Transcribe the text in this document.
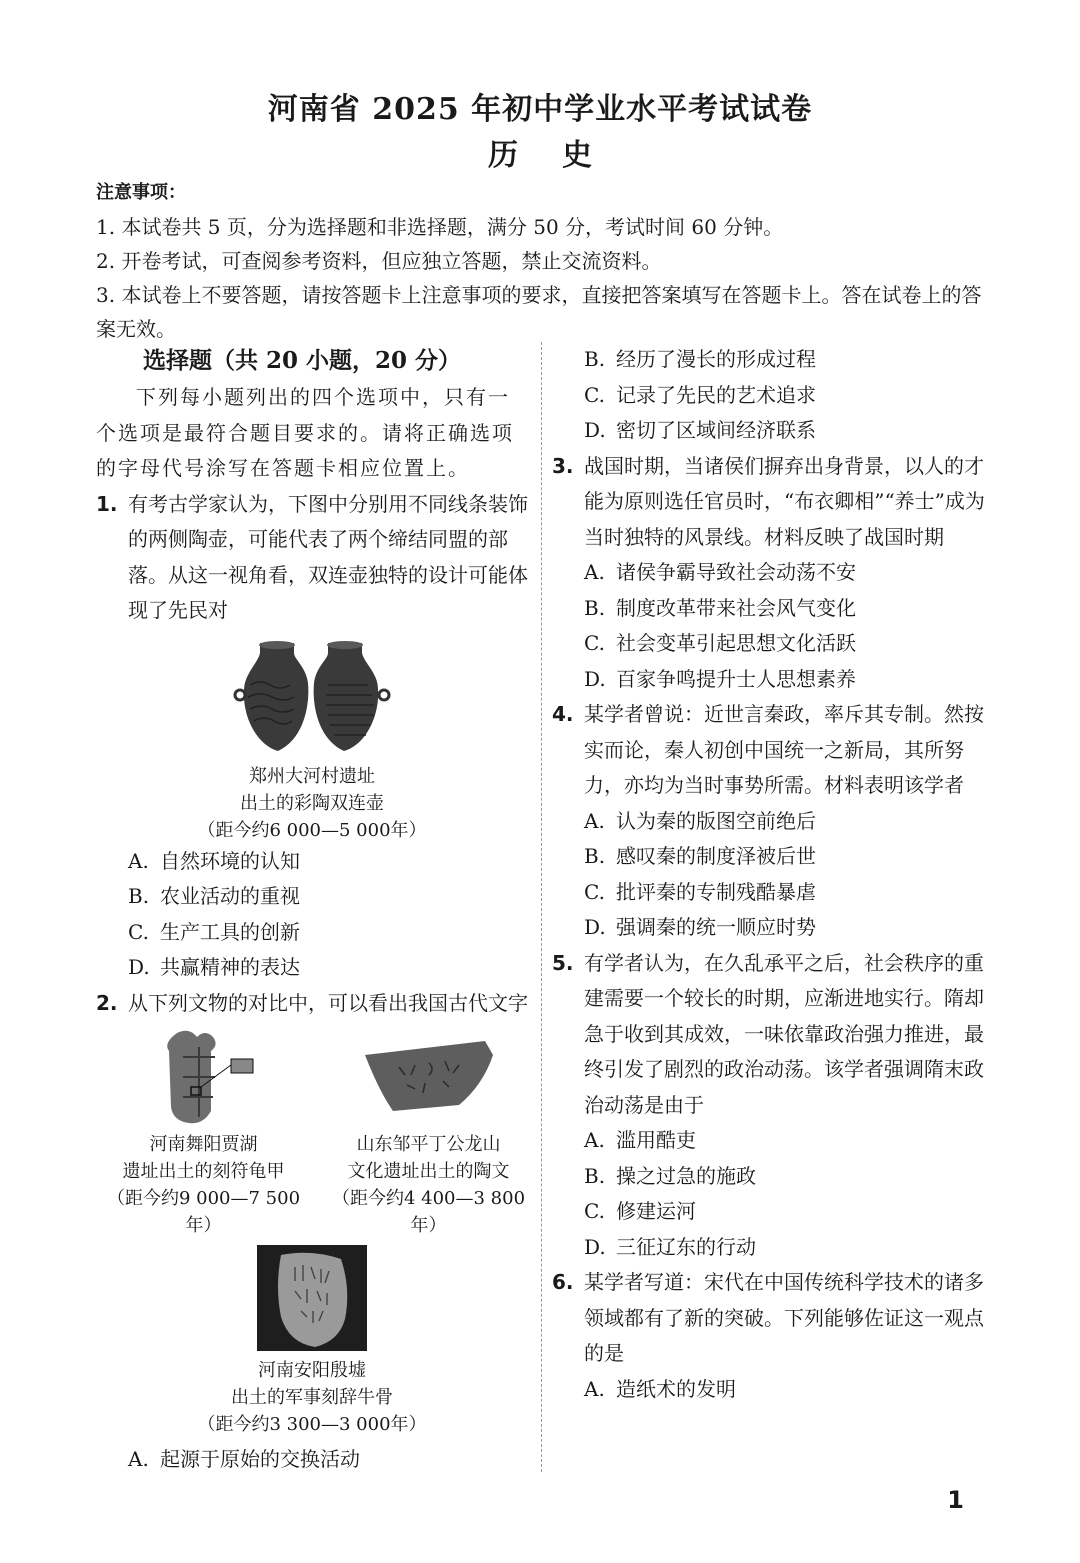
河南省 2025 年初中学业水平考试试卷
历 史
注意事项：

1. 本试卷共 5 页，分为选择题和非选择题，满分 50 分，考试时间 60 分钟。

2. 开卷考试，可查阅参考资料，但应独立答题，禁止交流资料。

3. 本试卷上不要答题，请按答题卡上注意事项的要求，直接把答案填写在答题卡上。答在试卷上的答案无效。

选择题（共 20 小题，20 分）

下列每小题列出的四个选项中，只有一个选项是最符合题目要求的。请将正确选项的字母代号涂写在答题卡相应位置上。

1. 有考古学家认为，下图中分别用不同线条装饰的两侧陶壶，可能代表了两个缔结同盟的部落。从这一视角看，双连壶独特的设计可能体现了先民对

郑州大河村遗址
出土的彩陶双连壶
（距今约6 000—5 000年）
A. 自然环境的认知
B. 农业活动的重视
C. 生产工具的创新
D. 共赢精神的表达
2. 从下列文物的对比中，可以看出我国古代文字

河南舞阳贾湖
遗址出土的刻符龟甲
（距今约9 000—7 500年）
山东邹平丁公龙山
文化遗址出土的陶文
（距今约4 400—3 800年）
河南安阳殷墟
出土的军事刻辞牛骨
（距今约3 300—3 000年）
A. 起源于原始的交换活动
B. 经历了漫长的形成过程
C. 记录了先民的艺术追求
D. 密切了区域间经济联系
3. 战国时期，当诸侯们摒弃出身背景，以人的才能为原则选任官员时，“布衣卿相”“养士”成为当时独特的风景线。材料反映了战国时期

A. 诸侯争霸导致社会动荡不安
B. 制度改革带来社会风气变化
C. 社会变革引起思想文化活跃
D. 百家争鸣提升士人思想素养
4. 某学者曾说：近世言秦政，率斥其专制。然按实而论，秦人初创中国统一之新局，其所努力，亦均为当时事势所需。材料表明该学者

A. 认为秦的版图空前绝后
B. 感叹秦的制度泽被后世
C. 批评秦的专制残酷暴虐
D. 强调秦的统一顺应时势
5. 有学者认为，在久乱承平之后，社会秩序的重建需要一个较长的时期，应渐进地实行。隋却急于收到其成效，一味依靠政治强力推进，最终引发了剧烈的政治动荡。该学者强调隋末政治动荡是由于

A. 滥用酷吏
B. 操之过急的施政
C. 修建运河
D. 三征辽东的行动
6. 某学者写道：宋代在中国传统科学技术的诸多领域都有了新的突破。下列能够佐证这一观点的是

A. 造纸术的发明
1
